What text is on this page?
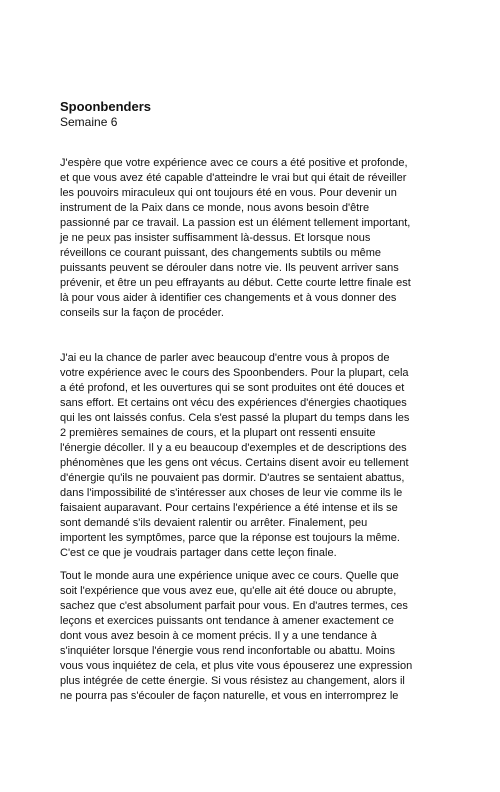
Spoonbenders
Semaine 6
J'espère que votre expérience avec ce cours a été positive et profonde,
et que vous avez été capable d'atteindre le vrai but qui était de réveiller
les pouvoirs miraculeux qui ont toujours été en vous. Pour devenir un
instrument de la Paix dans ce monde, nous avons besoin d'être
passionné par ce travail. La passion est un élément tellement important,
je ne peux pas insister suffisamment là-dessus. Et lorsque nous
réveillons ce courant puissant, des changements subtils ou même
puissants peuvent se dérouler dans notre vie. Ils peuvent arriver sans
prévenir, et être un peu effrayants au début. Cette courte lettre finale est
là pour vous aider à identifier ces changements et à vous donner des
conseils sur la façon de procéder.
J'ai eu la chance de parler avec beaucoup d'entre vous à propos de
votre expérience avec le cours des Spoonbenders. Pour la plupart, cela
a été profond, et les ouvertures qui se sont produites ont été douces et
sans effort. Et certains ont vécu des expériences d'énergies chaotiques
qui les ont laissés confus. Cela s'est passé la plupart du temps dans les
2 premières semaines de cours, et la plupart ont ressenti ensuite
l'énergie décoller. Il y a eu beaucoup d'exemples et de descriptions des
phénomènes que les gens ont vécus. Certains disent avoir eu tellement
d'énergie qu'ils ne pouvaient pas dormir. D'autres se sentaient abattus,
dans l'impossibilité de s'intéresser aux choses de leur vie comme ils le
faisaient auparavant. Pour certains l'expérience a été intense et ils se
sont demandé s'ils devaient ralentir ou arrêter. Finalement, peu
importent les symptômes, parce que la réponse est toujours la même.
C'est ce que je voudrais partager dans cette leçon finale.
Tout le monde aura une expérience unique avec ce cours. Quelle que
soit l'expérience que vous avez eue, qu'elle ait été douce ou abrupte,
sachez que c'est absolument parfait pour vous. En d'autres termes, ces
leçons et exercices puissants ont tendance à amener exactement ce
dont vous avez besoin à ce moment précis. Il y a une tendance à
s'inquiéter lorsque l'énergie vous rend inconfortable ou abattu. Moins
vous vous inquiétez de cela, et plus vite vous épouserez une expression
plus intégrée de cette énergie. Si vous résistez au changement, alors il
ne pourra pas s'écouler de façon naturelle, et vous en interromprez le
